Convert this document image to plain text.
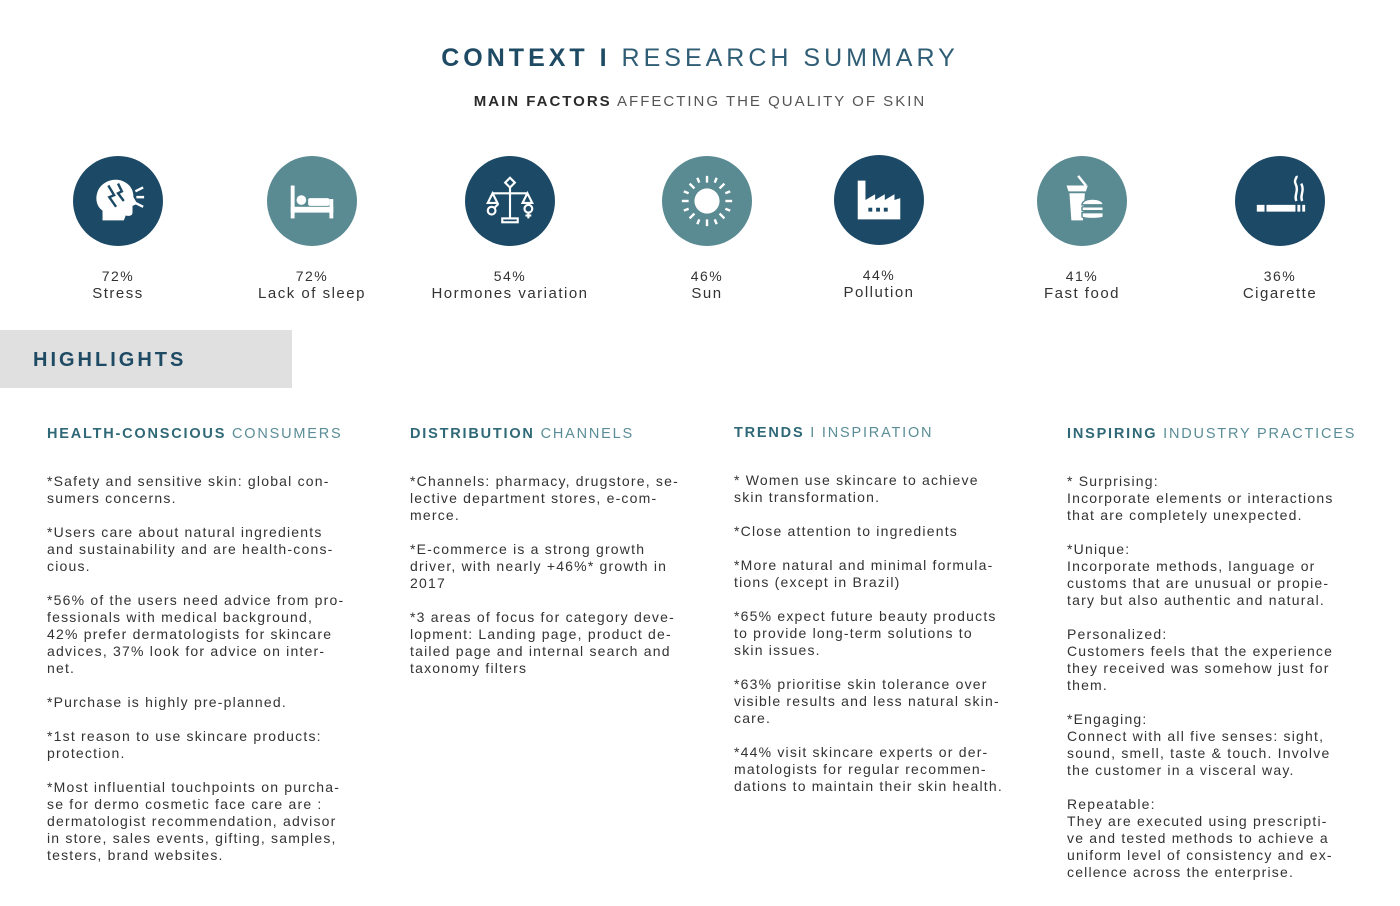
CONTEXT I RESEARCH SUMMARY
MAIN FACTORS AFFECTING THE QUALITY OF SKIN
72%
Stress
72%
Lack of sleep
54%
Hormones variation
46%
Sun
44%
Pollution
41%
Fast food
36%
Cigarette
HIGHLIGHTS
HEALTH-CONSCIOUS CONSUMERS

*Safety and sensitive skin: global con-
sumers concerns.

*Users care about natural ingredients
and sustainability and are health-cons-
cious.

*56% of the users need advice from pro-
fessionals with medical background,
42% prefer dermatologists for skincare
advices, 37% look for advice on inter-
net.

*Purchase is highly pre-planned.

*1st reason to use skincare products:
protection.

*Most influential touchpoints on purcha-
se for dermo cosmetic face care are :
dermatologist recommendation, advisor
in store, sales events, gifting, samples,
testers, brand websites.

DISTRIBUTION CHANNELS

*Channels: pharmacy, drugstore, se-
lective department stores, e-com-
merce.

*E-commerce is a strong growth
driver, with nearly +46%* growth in
2017

*3 areas of focus for category deve-
lopment: Landing page, product de-
tailed page and internal search and
taxonomy filters

TRENDS I INSPIRATION

* Women use skincare to achieve
skin transformation.

*Close attention to ingredients

*More natural and minimal formula-
tions (except in Brazil)

*65% expect future beauty products
to provide long-term solutions to
skin issues.

*63% prioritise skin tolerance over
visible results and less natural skin-
care.

*44% visit skincare experts or der-
matologists for regular recommen-
dations to maintain their skin health.

INSPIRING INDUSTRY PRACTICES

* Surprising:
Incorporate elements or interactions
that are completely unexpected.

*Unique:
Incorporate methods, language or
customs that are unusual or propie-
tary but also authentic and natural.

Personalized:
Customers feels that the experience
they received was somehow just for
them.

*Engaging:
Connect with all five senses: sight,
sound, smell, taste & touch. Involve
the customer in a visceral way.

Repeatable:
They are executed using prescripti-
ve and tested methods to achieve a
uniform level of consistency and ex-
cellence across the enterprise.
